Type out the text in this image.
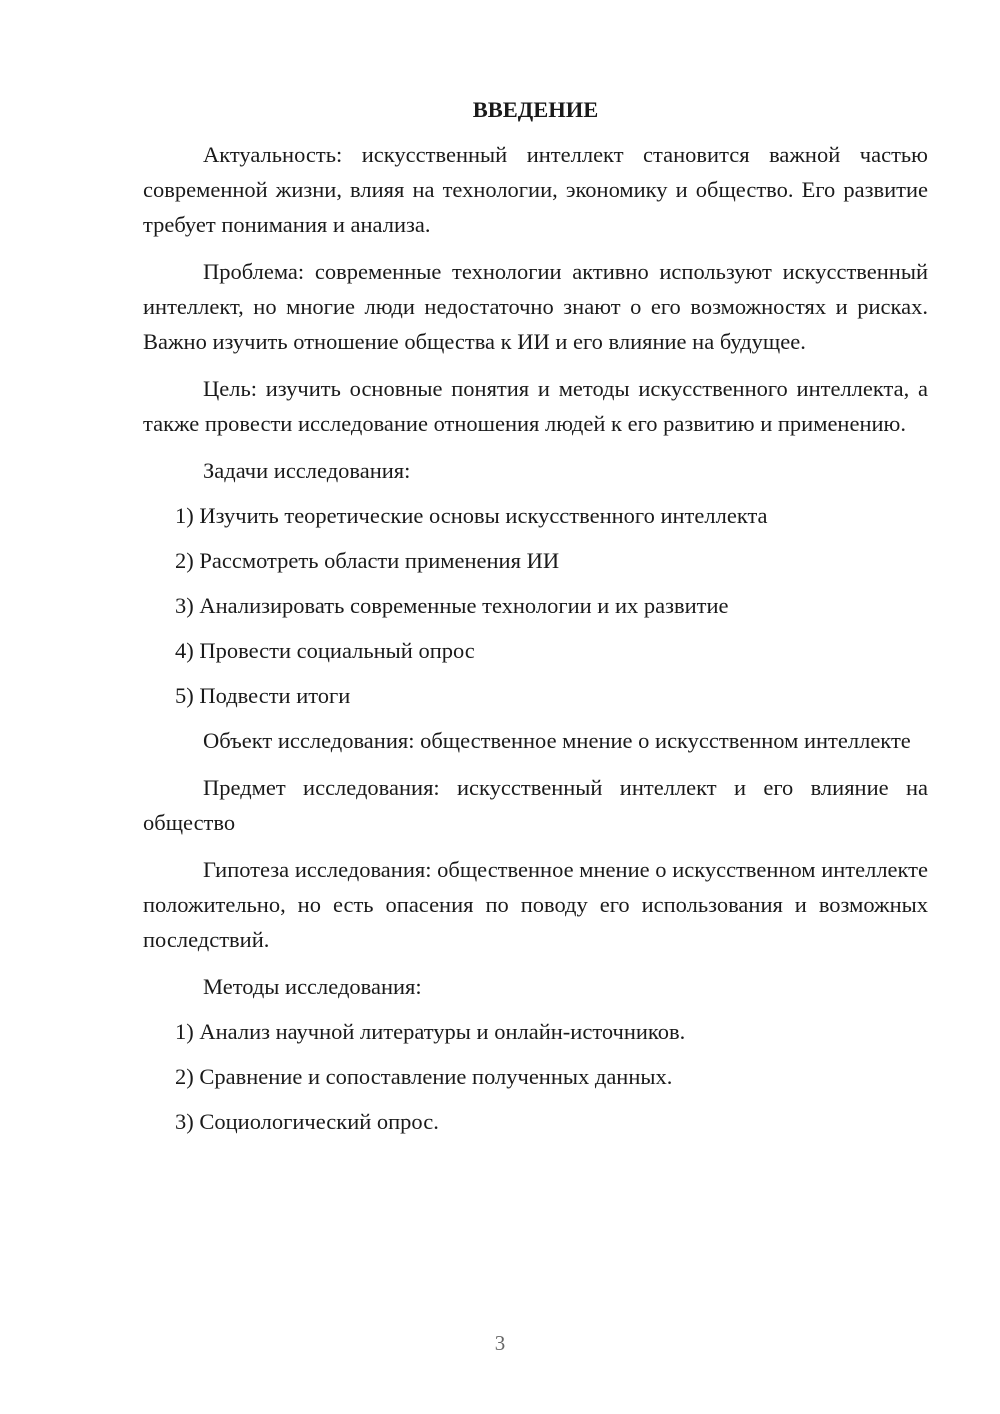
ВВЕДЕНИЕ

Актуальность: искусственный интеллект становится важной частью современной жизни, влияя на технологии, экономику и общество. Его развитие требует понимания и анализа.

Проблема: современные технологии активно используют искусственный интеллект, но многие люди недостаточно знают о его возможностях и рисках. Важно изучить отношение общества к ИИ и его влияние на будущее.

Цель: изучить основные понятия и методы искусственного интеллекта, а также провести исследование отношения людей к его развитию и применению.

Задачи исследования:

1) Изучить теоретические основы искусственного интеллекта
2) Рассмотреть области применения ИИ
3) Анализировать современные технологии и их развитие
4) Провести социальный опрос
5) Подвести итоги

Объект исследования: общественное мнение о искусственном интеллекте

Предмет исследования: искусственный интеллект и его влияние на общество

Гипотеза исследования: общественное мнение о искусственном интеллекте положительно, но есть опасения по поводу его использования и возможных последствий.

Методы исследования:

1) Анализ научной литературы и онлайн-источников.
2) Сравнение и сопоставление полученных данных.
3) Социологический опрос.
3
